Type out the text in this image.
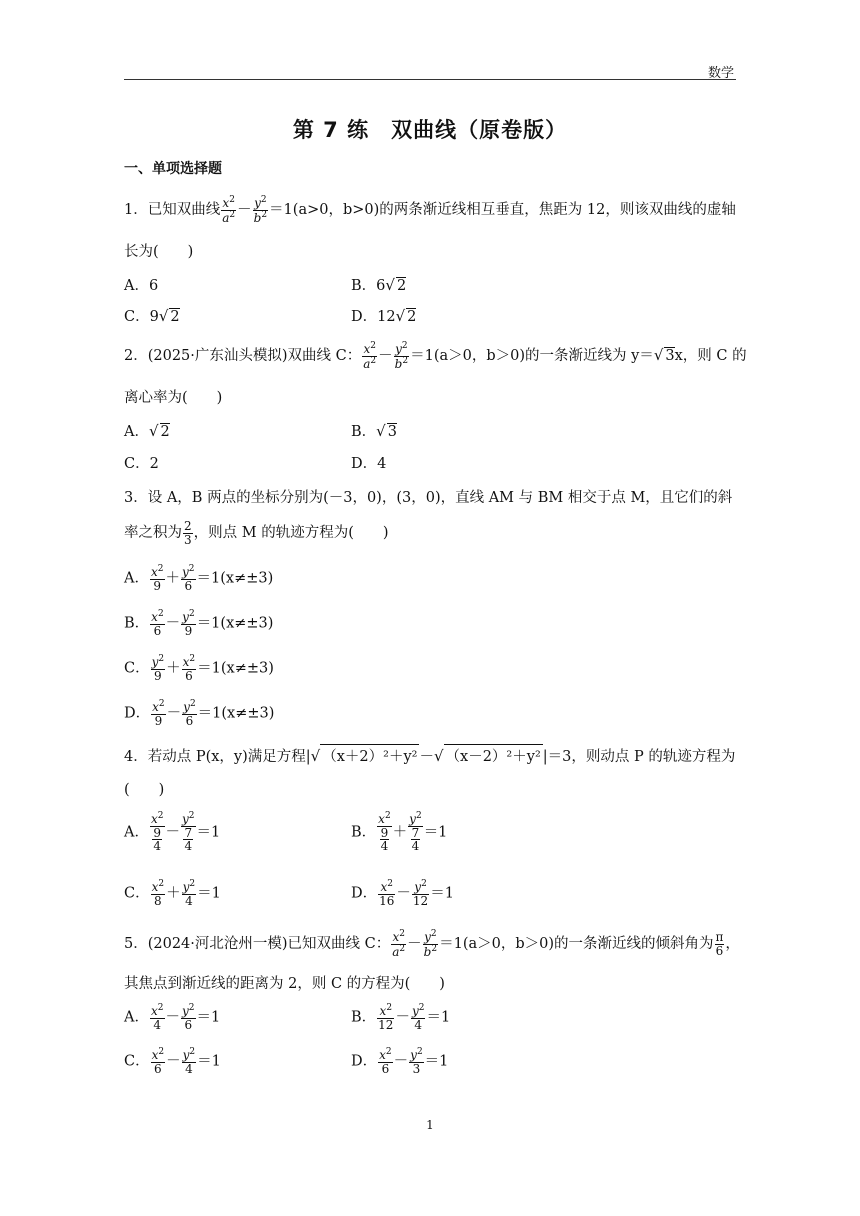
数学
第 7 练　双曲线（原卷版）
一、单项选择题
1．已知双曲线 $\frac{x^2}{a^2} - \frac{y^2}{b^2} =1(a>0$，b>0)的两条渐近线相互垂直，焦距为 12，则该双曲线的虚轴
长为(　　)
A．6	B．6√ 2
C．9√ 2	D．12√ 2
2．(2025·广东汕头模拟)双曲线 C： $\frac{x^2}{a^2} - \frac{y^2}{b^2} =1(a>0$，b＞0)的一条渐近线为 y＝√ 3x，则 C 的
离心率为(　　)
A．√ 2	B．√ 3
C．2	D．4
3．设 A，B 两点的坐标分别为(－3，0)，(3，0)，直线 AM 与 BM 相交于点 M，且它们的斜
率之积为 $\frac{2}{3}$ ，则点 M 的轨迹方程为(　　)
A． $\frac{x^2}{9} + \frac{y^2}{6} =1(x\ne\pm 3)$
B． $\frac{x^2}{6} - \frac{y^2}{9} =1(x\ne\pm 3)$
C． $\frac{y^2}{9} + \frac{x^2}{6} =1(x\ne\pm 3)$
D． $\frac{x^2}{9} - \frac{y^2}{6} =1(x\ne\pm 3)$
4．若动点 P(x，y)满足方程|√ （x＋2）²＋y² －√ （x－2）²＋y² |＝3，则动点 P 的轨迹方程为
(　　)
A． $\frac{x^2}{\frac{9}{4}} - \frac{y^2}{\frac{7}{4}} =1$	B． $\frac{x^2}{\frac{9}{4}} + \frac{y^2}{\frac{7}{4}} =1$
C． $\frac{x^2}{8} + \frac{y^2}{4} =1$	D． $\frac{x^2}{16} - \frac{y^2}{12} =1$
5．(2024·河北沧州一模)已知双曲线 C： $\frac{x^2}{a^2} - \frac{y^2}{b^2} =1(a>0$，b＞0)的一条渐近线的倾斜角为 $\frac{\pi}{6}$ ，
其焦点到渐近线的距离为 2，则 C 的方程为(　　)
A． $\frac{x^2}{4} - \frac{y^2}{6} =1$	B． $\frac{x^2}{12} - \frac{y^2}{4} =1$
C． $\frac{x^2}{6} - \frac{y^2}{4} =1$	D． $\frac{x^2}{6} - \frac{y^2}{3} =1$
1
